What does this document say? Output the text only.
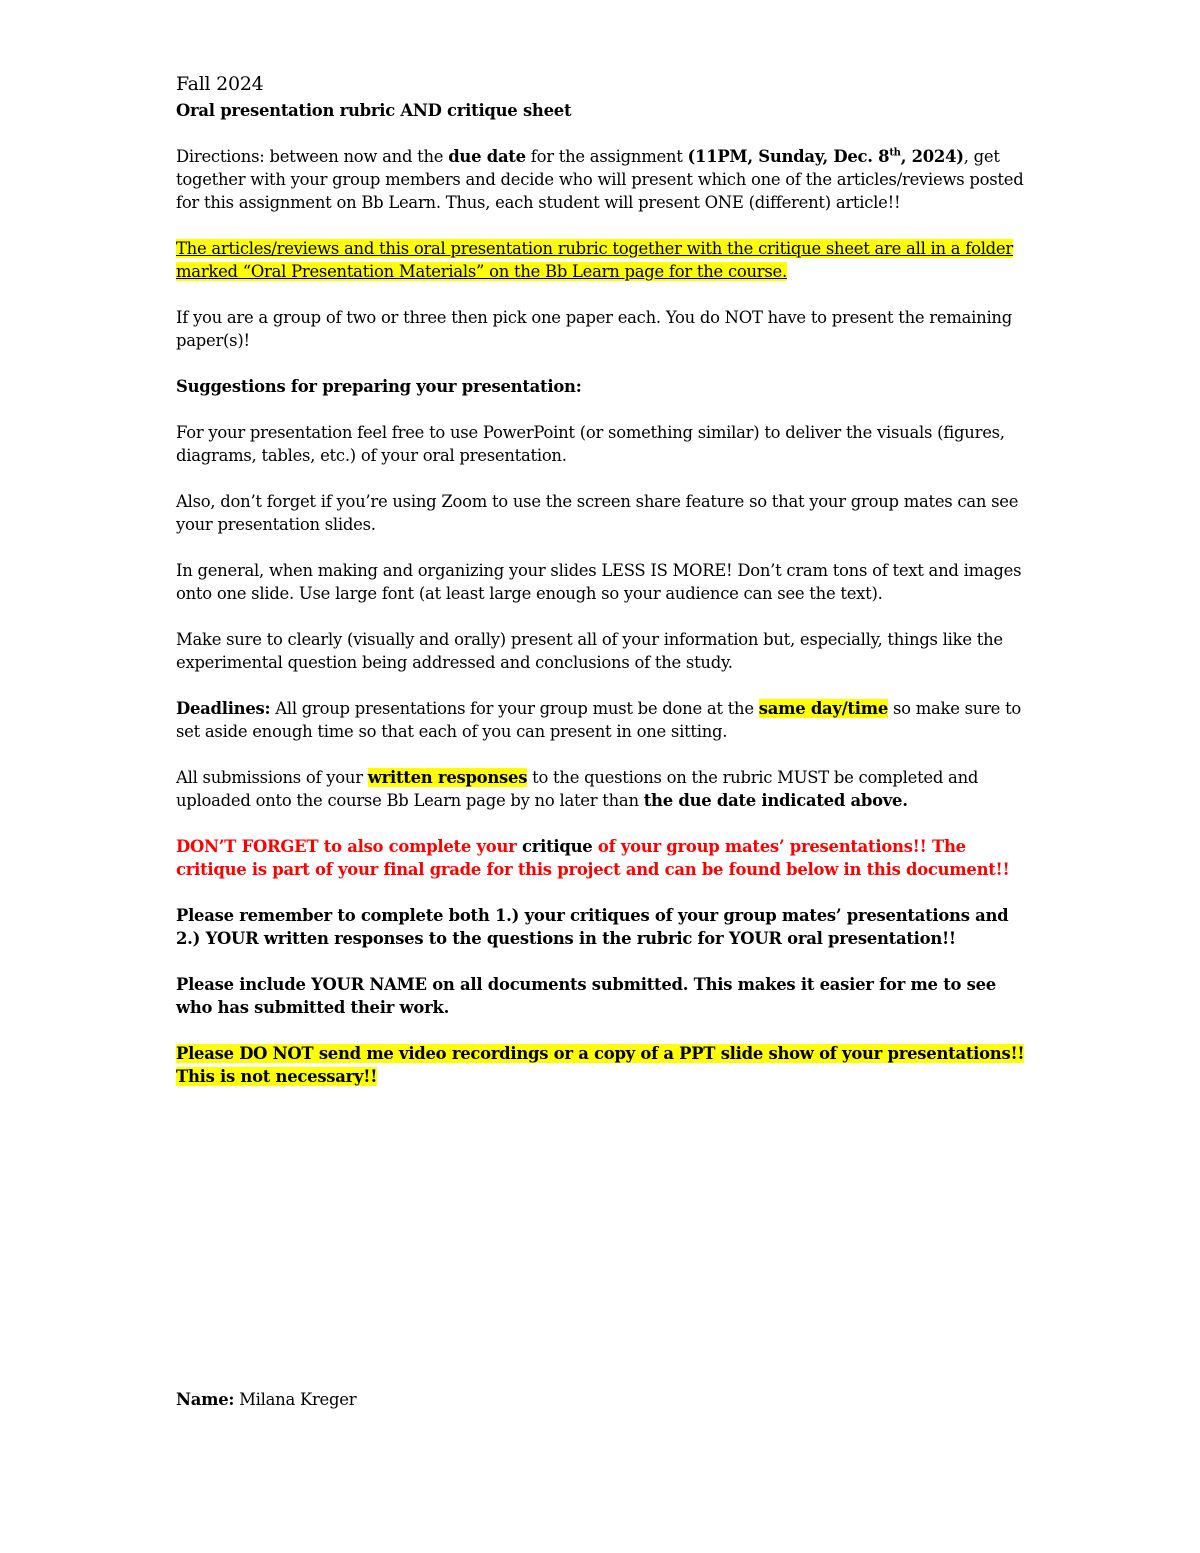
Fall 2024

Oral presentation rubric AND critique sheet

Directions: between now and the due date for the assignment (11PM, Sunday, Dec. 8th, 2024), get together with your group members and decide who will present which one of the articles/reviews posted for this assignment on Bb Learn. Thus, each student will present ONE (different) article!!

The articles/reviews and this oral presentation rubric together with the critique sheet are all in a folder marked “Oral Presentation Materials” on the Bb Learn page for the course.

If you are a group of two or three then pick one paper each. You do NOT have to present the remaining paper(s)!

Suggestions for preparing your presentation:

For your presentation feel free to use PowerPoint (or something similar) to deliver the visuals (figures, diagrams, tables, etc.) of your oral presentation.

Also, don’t forget if you’re using Zoom to use the screen share feature so that your group mates can see your presentation slides.

In general, when making and organizing your slides LESS IS MORE! Don’t cram tons of text and images onto one slide. Use large font (at least large enough so your audience can see the text).

Make sure to clearly (visually and orally) present all of your information but, especially, things like the experimental question being addressed and conclusions of the study.

Deadlines: All group presentations for your group must be done at the same day/time so make sure to set aside enough time so that each of you can present in one sitting.

All submissions of your written responses to the questions on the rubric MUST be completed and uploaded onto the course Bb Learn page by no later than the due date indicated above.

DON’T FORGET to also complete your critique of your group mates’ presentations!! The critique is part of your final grade for this project and can be found below in this document!!

Please remember to complete both 1.) your critiques of your group mates’ presentations and 2.) YOUR written responses to the questions in the rubric for YOUR oral presentation!!

Please include YOUR NAME on all documents submitted. This makes it easier for me to see who has submitted their work.

Please DO NOT send me video recordings or a copy of a PPT slide show of your presentations!! This is not necessary!!

Name: Milana Kreger
